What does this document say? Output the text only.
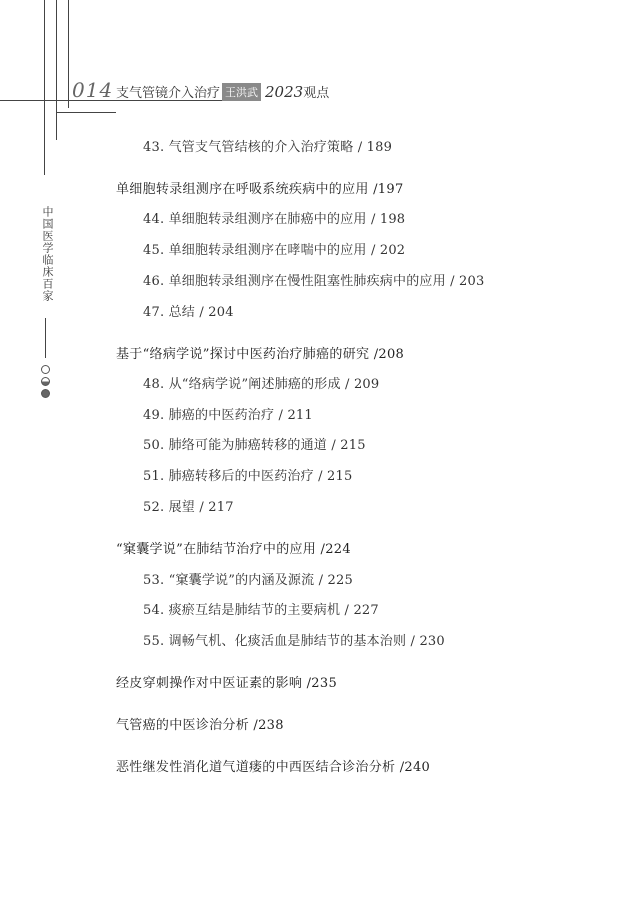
014 支气管镜介入治疗 王洪武 2023 观点
中国医学临床百家
43. 气管支气管结核的介入治疗策略 / 189
单细胞转录组测序在呼吸系统疾病中的应用 /197
44. 单细胞转录组测序在肺癌中的应用 / 198
45. 单细胞转录组测序在哮喘中的应用 / 202
46. 单细胞转录组测序在慢性阻塞性肺疾病中的应用 / 203
47. 总结 / 204
基于“络病学说”探讨中医药治疗肺癌的研究 /208
48. 从“络病学说”阐述肺癌的形成 / 209
49. 肺癌的中医药治疗 / 211
50. 肺络可能为肺癌转移的通道 / 215
51. 肺癌转移后的中医药治疗 / 215
52. 展望 / 217
“窠囊学说”在肺结节治疗中的应用 /224
53. “窠囊学说”的内涵及源流 / 225
54. 痰瘀互结是肺结节的主要病机 / 227
55. 调畅气机、化痰活血是肺结节的基本治则 / 230
经皮穿刺操作对中医证素的影响 /235
气管癌的中医诊治分析 /238
恶性继发性消化道气道瘘的中西医结合诊治分析 /240
